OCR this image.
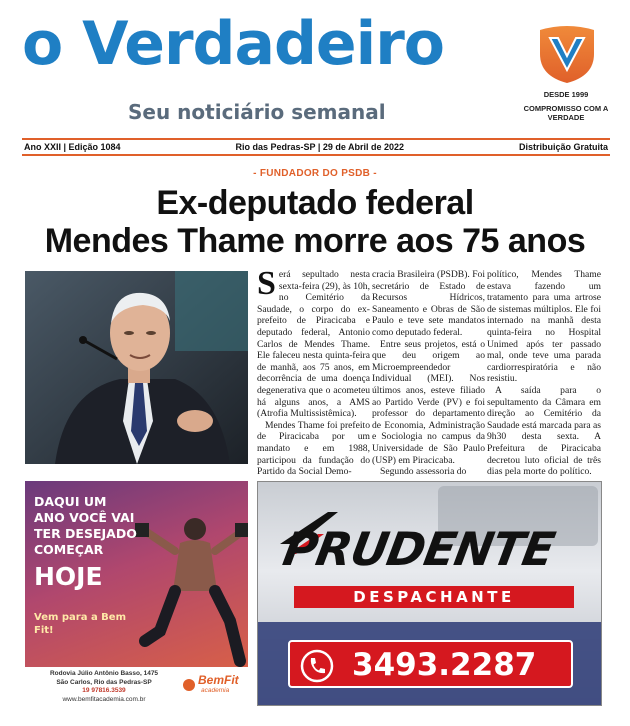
o Verdadeiro
Seu noticiário semanal
DESDE 1999
COMPROMISSO COM A VERDADE
Ano XXII | Edição 1084	Rio das Pedras-SP | 29 de Abril de 2022	Distribuição Gratuita
- FUNDADOR DO PSDB -
Ex-deputado federal
Mendes Thame morre aos 75 anos

Será sepultado nesta sexta-feira (29), às 10h, no Cemitério da Saudade, o corpo do ex-prefeito de Piracicaba e deputado federal, Antonio Carlos de Mendes Thame. Ele faleceu nesta quinta-feira de manhã, aos 75 anos, em decorrência de uma doença degenerativa que o acometeu há alguns anos, a AMS (Atrofia Multissistêmica).

Mendes Thame foi prefeito de Piracicaba por um mandato e em 1988, participou da fundação do Partido da Social Demo-

cracia Brasileira (PSDB). Foi secretário de Estado de Recursos Hídricos, Saneamento e Obras de São Paulo e teve sete mandatos como deputado federal.

Entre seus projetos, está o que deu origem ao Microempreendedor Individual (MEI). Nos últimos anos, esteve filiado ao Partido Verde (PV) e foi professor do departamento de Economia, Administração e Sociologia no campus da Universidade de São Paulo (USP) em Piracicaba.

Segundo assessoria do

político, Mendes Thame estava fazendo um tratamento para uma artrose de sistemas múltiplos. Ele foi internado na manhã desta quinta-feira no Hospital Unimed após ter passado mal, onde teve uma parada cardiorrespiratória e não resistiu.

A saída para o sepultamento da Câmara em direção ao Cemitério da Saudade está marcada para as 9h30 desta sexta. A Prefeitura de Piracicaba decretou luto oficial de três dias pela morte do político.

DAQUI UM
ANO VOCÊ VAI
TER DESEJADO
COMEÇAR
HOJE
Vem para a Bem Fit!
Rodovia Júlio Antônio Basso, 1475
São Carlos, Rio das Pedras-SP
19 97816.3539
www.bemfitacademia.com.br
BemFit
academia
PRUDENTE
DESPACHANTE
3493.2287
